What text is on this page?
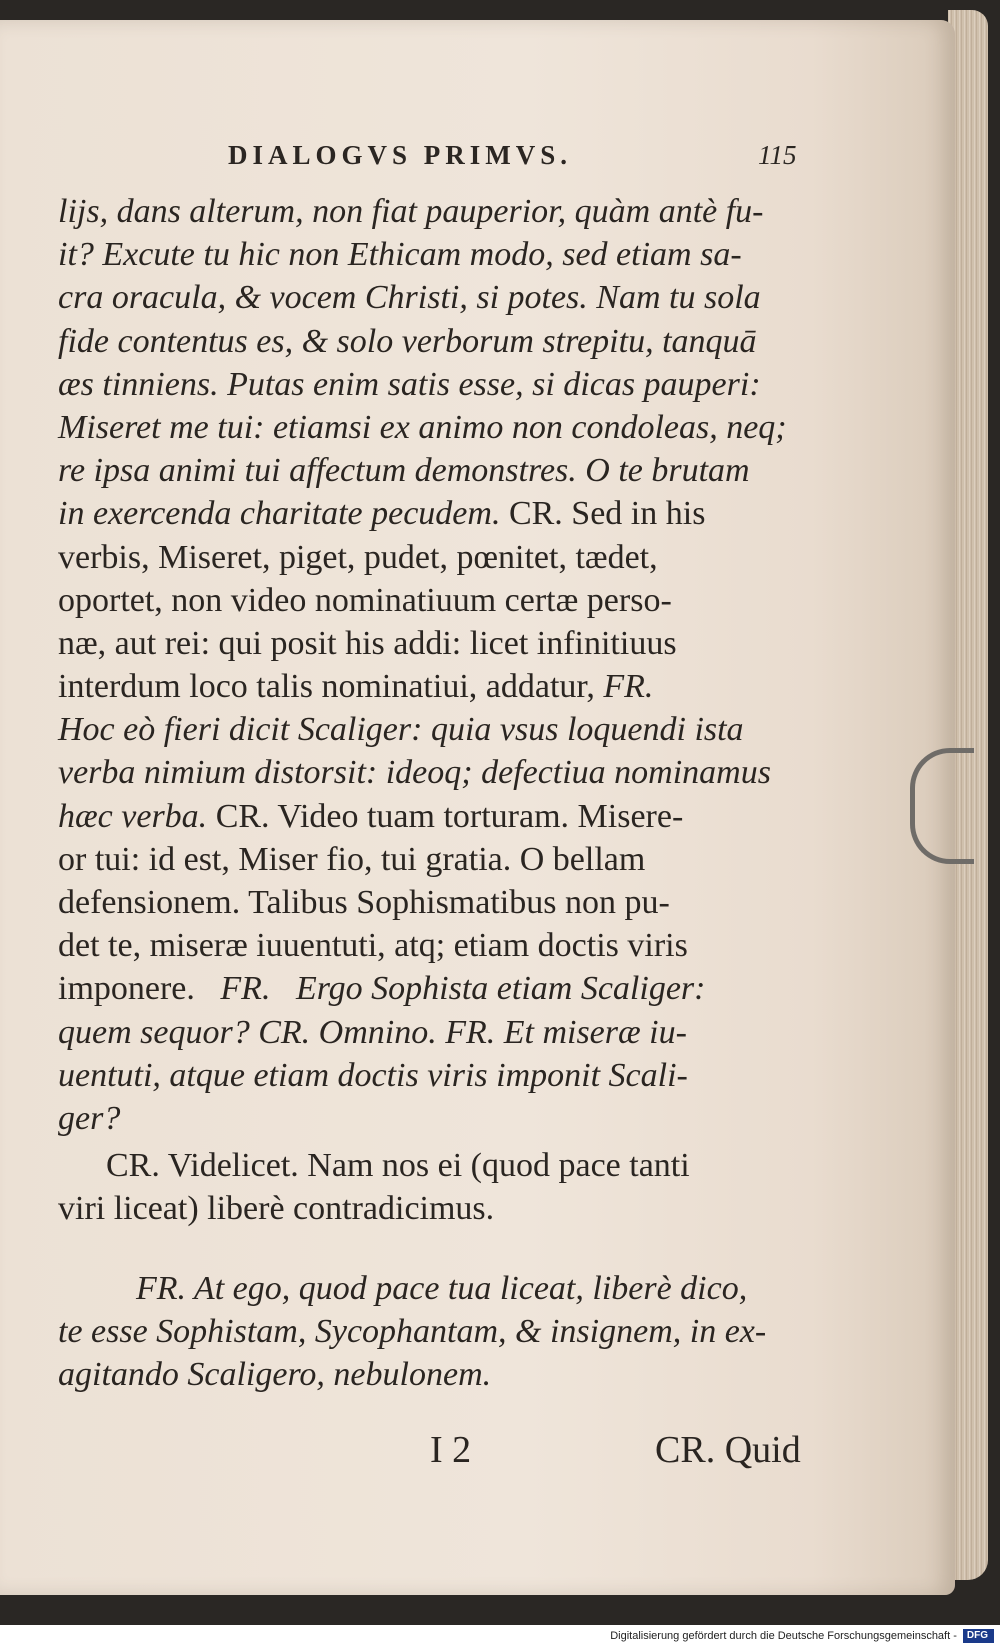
DIALOGVS PRIMVS.	115
lijs, dans alterum, non fiat pauperior, quàm antè fu-
it? Excute tu hic non Ethicam modo, sed etiam sa-
cra oracula, & vocem Christi, si potes. Nam tu sola
fide contentus es, & solo verborum strepitu, tanquā
æs tinniens. Putas enim satis esse, si dicas pauperi:
Miseret me tui: etiamsi ex animo non condoleas, neq;
re ipsa animi tui affectum demonstres. O te brutam
in exercenda charitate pecudem. CR. Sed in his
verbis, Miseret, piget, pudet, pœnitet, tædet,
oportet, non video nominatiuum certæ perso-
næ, aut rei: qui posit his addi: licet infinitiuus
interdum loco talis nominatiui, addatur, FR.
Hoc eò fieri dicit Scaliger: quia vsus loquendi ista
verba nimium distorsit: ideoq; defectiua nominamus
hæc verba. CR. Video tuam torturam. Misere-
or tui: id est, Miser fio, tui gratia. O bellam
defensionem. Talibus Sophismatibus non pu-
det te, miseræ iuuentuti, atq; etiam doctis viris
imponere.   FR.   Ergo Sophista etiam Scaliger:
quem sequor? CR. Omnino. FR. Et miseræ iu-
uentuti, atque etiam doctis viris imponit Scali-
ger?
CR. Videlicet. Nam nos ei (quod pace tanti
viri liceat) liberè contradicimus.
FR. At ego, quod pace tua liceat, liberè dico,
te esse Sophistam, Sycophantam, & insignem, in ex-
agitando Scaligero, nebulonem.
I 2	CR. Quid
Digitalisierung gefördert durch die Deutsche Forschungsgemeinschaft - DFG
